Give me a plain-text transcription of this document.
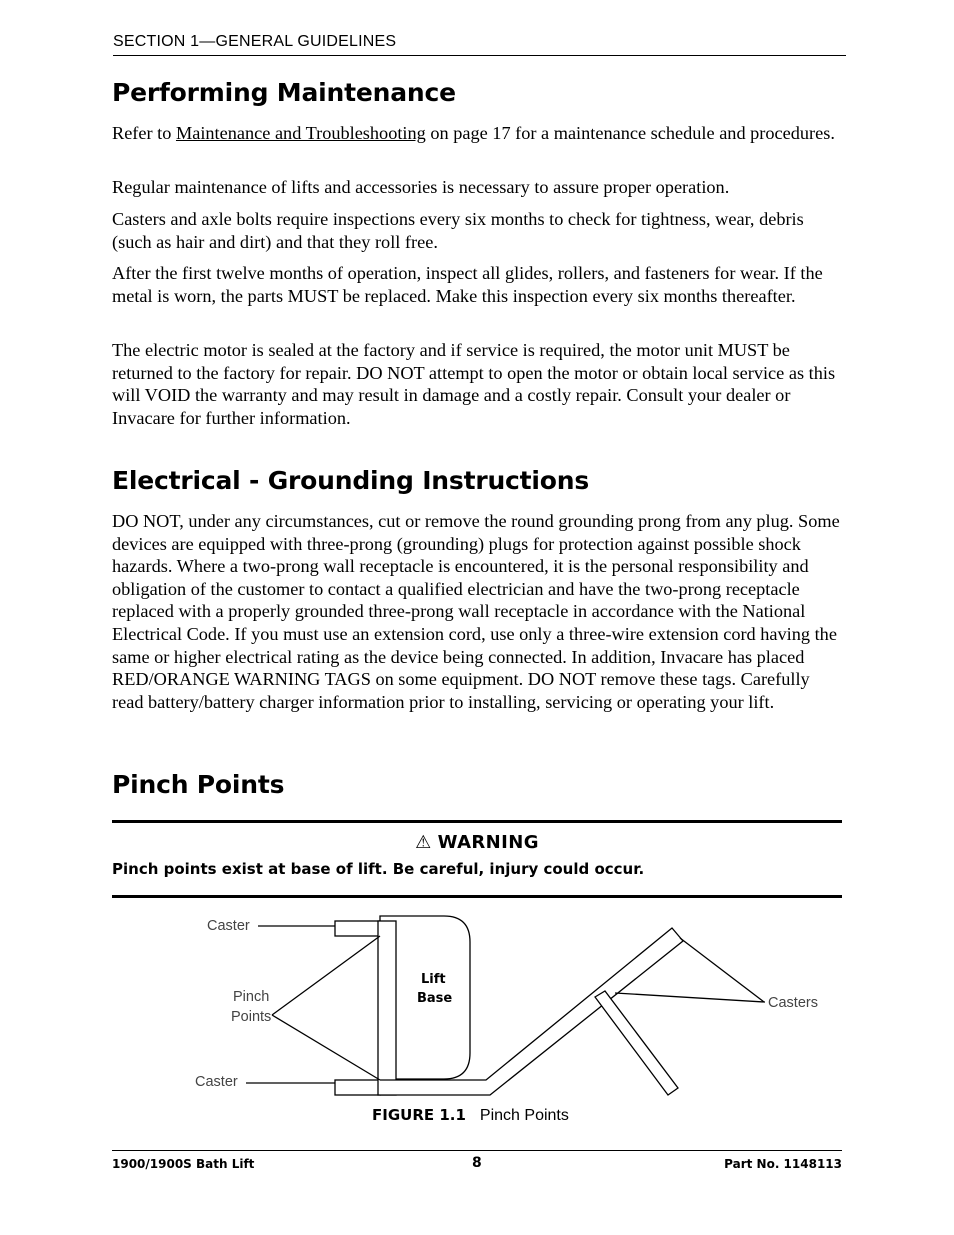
SECTION 1—GENERAL GUIDELINES
Performing Maintenance

Refer to Maintenance and Troubleshooting on page 17 for a maintenance schedule and procedures.

Regular maintenance of lifts and accessories is necessary to assure proper operation.

Casters and axle bolts require inspections every six months to check for tightness, wear, debris (such as hair and dirt) and that they roll free.

After the first twelve months of operation, inspect all glides, rollers, and fasteners for wear. If the metal is worn, the parts MUST be replaced. Make this inspection every six months thereafter.

The electric motor is sealed at the factory and if service is required, the motor unit MUST be returned to the factory for repair. DO NOT attempt to open the motor or obtain local service as this will VOID the warranty and may result in damage and a costly repair. Consult your dealer or Invacare for further information.

Electrical - Grounding Instructions

DO NOT, under any circumstances, cut or remove the round grounding prong from any plug. Some devices are equipped with three-prong (grounding) plugs for protection against possible shock hazards. Where a two-prong wall receptacle is encountered, it is the personal responsibility and obligation of the customer to contact a qualified electrician and have the two-prong receptacle replaced with a properly grounded three-prong wall receptacle in accordance with the National Electrical Code. If you must use an extension cord, use only a three-wire extension cord having the same or higher electrical rating as the device being connected. In addition, Invacare has placed RED/ORANGE WARNING TAGS on some equipment. DO NOT remove these tags. Carefully read battery/battery charger information prior to installing, servicing or operating your lift.

Pinch Points
⚠ WARNING
Pinch points exist at base of lift. Be careful, injury could occur.
Caster
Pinch
Points
Caster
Lift
Base	Casters
FIGURE 1.1 Pinch Points
1900/1900S Bath Lift	8	Part No. 1148113
